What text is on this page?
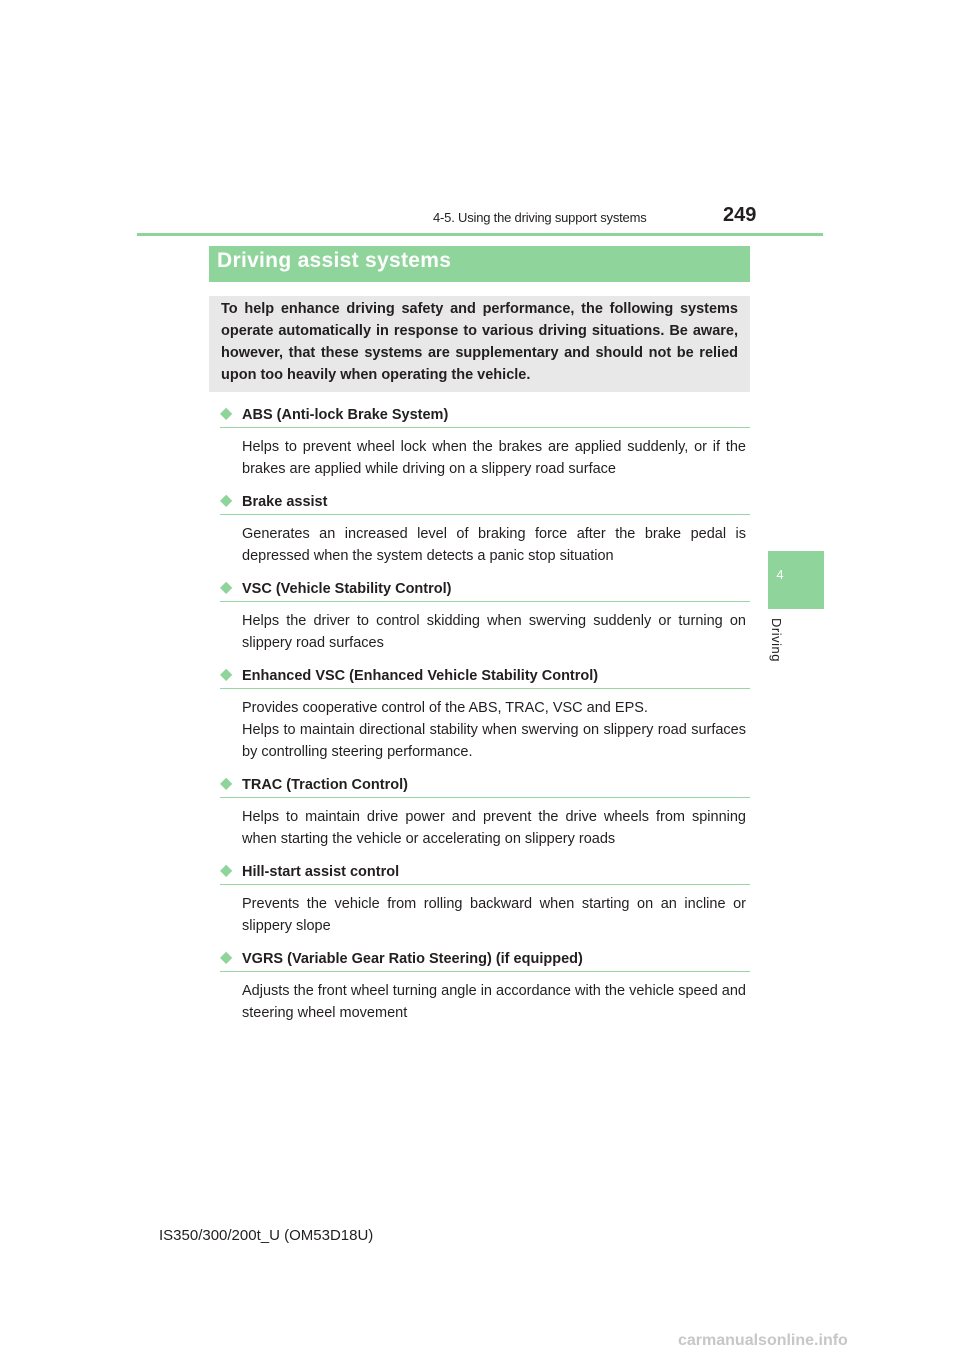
4-5. Using the driving support systems	249
4
Driving
Driving assist systems
To help enhance driving safety and performance, the following systems operate automatically in response to various driving situations. Be aware, however, that these systems are supplementary and should not be relied upon too heavily when operating the vehicle.
◆ ABS (Anti-lock Brake System)
Helps to prevent wheel lock when the brakes are applied suddenly, or if the brakes are applied while driving on a slippery road surface
◆ Brake assist
Generates an increased level of braking force after the brake pedal is depressed when the system detects a panic stop situation
◆ VSC (Vehicle Stability Control)
Helps the driver to control skidding when swerving suddenly or turning on slippery road surfaces
◆ Enhanced VSC (Enhanced Vehicle Stability Control)
Provides cooperative control of the ABS, TRAC, VSC and EPS.
Helps to maintain directional stability when swerving on slippery road surfaces by controlling steering performance.
◆ TRAC (Traction Control)
Helps to maintain drive power and prevent the drive wheels from spinning when starting the vehicle or accelerating on slippery roads
◆ Hill-start assist control
Prevents the vehicle from rolling backward when starting on an incline or slippery slope
◆ VGRS (Variable Gear Ratio Steering) (if equipped)
Adjusts the front wheel turning angle in accordance with the vehicle speed and steering wheel movement
IS350/300/200t_U (OM53D18U)
carmanualsonline.info
